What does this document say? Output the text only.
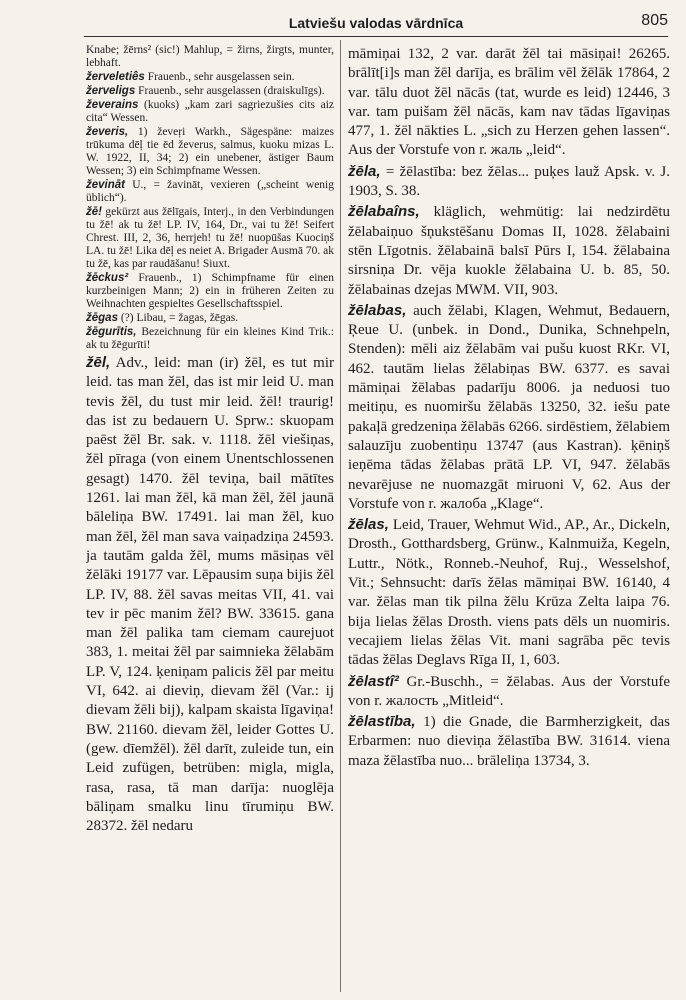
Latviešu valodas vārdnīca	805

Knabe; žērns² (sic!) Mahlup, = žirns, žirgts, munter, lebhaft.

žerveletiês Frauenb., sehr ausgelassen sein.

žerveligs Frauenb., sehr ausgelassen (draiskulīgs).

ževerains (kuoks) „kam zari sagriezušies cits aiz cita“ Wessen.

ževeris, 1) ževeŗi Warkh., Sägespäne: maizes trūkuma dēļ tie ēd ževerus, salmus, kuoku mizas L. W. 1922, II, 34; 2) ein unebener, ästiger Baum Wessen; 3) ein Schimpfname Wessen.

ževināt U., = žavināt, vexieren („scheint wenig üblich“).

žē! gekürzt aus žēlīgais, Interj., in den Verbindungen tu žē! ak tu žē! LP. IV, 164, Dr., vai tu žē! Seifert Chrest. III, 2, 36, herrjeh! tu žē! nuopūšas Kuociņš LA. tu žē! Lika dēļ es neiet A. Brigader Ausmā 70. ak tu žē, kas par raudāšanu! Siuxt.

žēckus² Frauenb., 1) Schimpfname für einen kurzbeinigen Mann; 2) ein in früheren Zeiten zu Weihnachten gespieltes Gesellschaftsspiel.

žēgas (?) Libau, = žagas, žēgas.

žēgurītis, Bezeichnung für ein kleines Kind Trik.: ak tu žēgurīti!

žēl, Adv., leid: man (ir) žēl, es tut mir leid. tas man žēl, das ist mir leid U. man tevis žēl, du tust mir leid. žēl! traurig! das ist zu bedauern U. Sprw.: skuopam paēst žēl Br. sak. v. 1118. žēl viešiņas, žēl pīraga (von einem Unentschlossenen gesagt) 1470. žēl teviņa, bail mātītes 1261. lai man žēl, kā man žēl, žēl jaunā bāleliņa BW. 17491. lai man žēl, kuo man žēl, žēl man sava vaiņadziņa 24593. ja tautām galda žēl, mums māsiņas vēl žēlāki 19177 var. Lēpausim suņa bijis žēl LP. IV, 88. žēl savas meitas VII, 41. vai tev ir pēc manim žēl? BW. 33615. gana man žēl palika tam ciemam caurejuot 383, 1. meitai žēl par saimnieka žēlabām LP. V, 124. ķeniņam palicis žēl par meitu VI, 642. ai dieviņ, dievam žēl (Var.: ij dievam žēli bij), kalpam skaista līgaviņa! BW. 21160. dievam žēl, leider Gottes U. (gew. dīemžēl). žēl darīt, zuleide tun, ein Leid zufügen, betrüben: migla, migla, rasa, rasa, tā man darīja: nuoglēja bāliņam smalku linu tīrumiņu BW. 28372. žēl nedaru

māmiņai 132, 2 var. darāt žēl tai māsiņai! 26265. brālīt[i]s man žēl darīja, es brālim vēl žēlāk 17864, 2 var. tālu duot žēl nācās (tat, wurde es leid) 12446, 3 var. tam puišam žēl nācās, kam nav tādas līgaviņas 477, 1. žēl nākties L. „sich zu Herzen gehen lassen“. Aus der Vorstufe von r. жаль „leid“.

žēla, = žēlastība: bez žēlas... puķes lauž Apsk. v. J. 1903, S. 38.

žēlabaîns, kläglich, wehmütig: lai nedzirdētu žēlabaiņuo šņukstēšanu Domas II, 1028. žēlabaini stēn Līgotnis. žēlabainā balsī Pūrs I, 154. žēlabaina sirsniņa Dr. vēja kuokle žēlabaina U. b. 85, 50. žēlabainas dzejas MWM. VII, 903.

žēlabas, auch žēlabi, Klagen, Wehmut, Bedauern, Ŗeue U. (unbek. in Dond., Dunika, Schnehpeln, Stenden): mēli aiz žēlabām vai pušu kuost RKr. VI, 462. tautām lielas žēlabiņas BW. 6377. es savai māmiņai žēlabas padarīju 8006. ja neduosi tuo meitiņu, es nuomiršu žēlabās 13250, 32. iešu pate pakaļā gredzeniņa žēlabās 6266. sirdēstiem, žēlabiem salauzīju zuobentiņu 13747 (aus Kastran). ķēniņš ieņēma tādas žēlabas prātā LP. VI, 947. žēlabās nevarējuse ne nuomazgāt miruoni V, 62. Aus der Vorstufe von r. жалоба „Klage“.

žēlas, Leid, Trauer, Wehmut Wid., AP., Ar., Dickeln, Drosth., Gotthardsberg, Grünw., Kalnmuiža, Kegeln, Luttr., Nötk., Ronneb.-Neuhof, Ruj., Wesselshof, Vit.; Sehnsucht: darīs žēlas māmiņai BW. 16140, 4 var. žēlas man tik pilna žēlu Krūza Zelta laipa 76. bija lielas žēlas Drosth. viens pats dēls un nuomiris. vecajiem lielas žēlas Vit. mani sagrāba pēc tevis tādas žēlas Deglavs Rīga II, 1, 603.

žēlastî² Gr.-Buschh., = žēlabas. Aus der Vorstufe von r. жалость „Mitleid“.

žēlastība, 1) die Gnade, die Barmherzigkeit, das Erbarmen: nuo dieviņa žēlastība BW. 31614. viena maza žēlastība nuo... brāleliņa 13734, 3.
